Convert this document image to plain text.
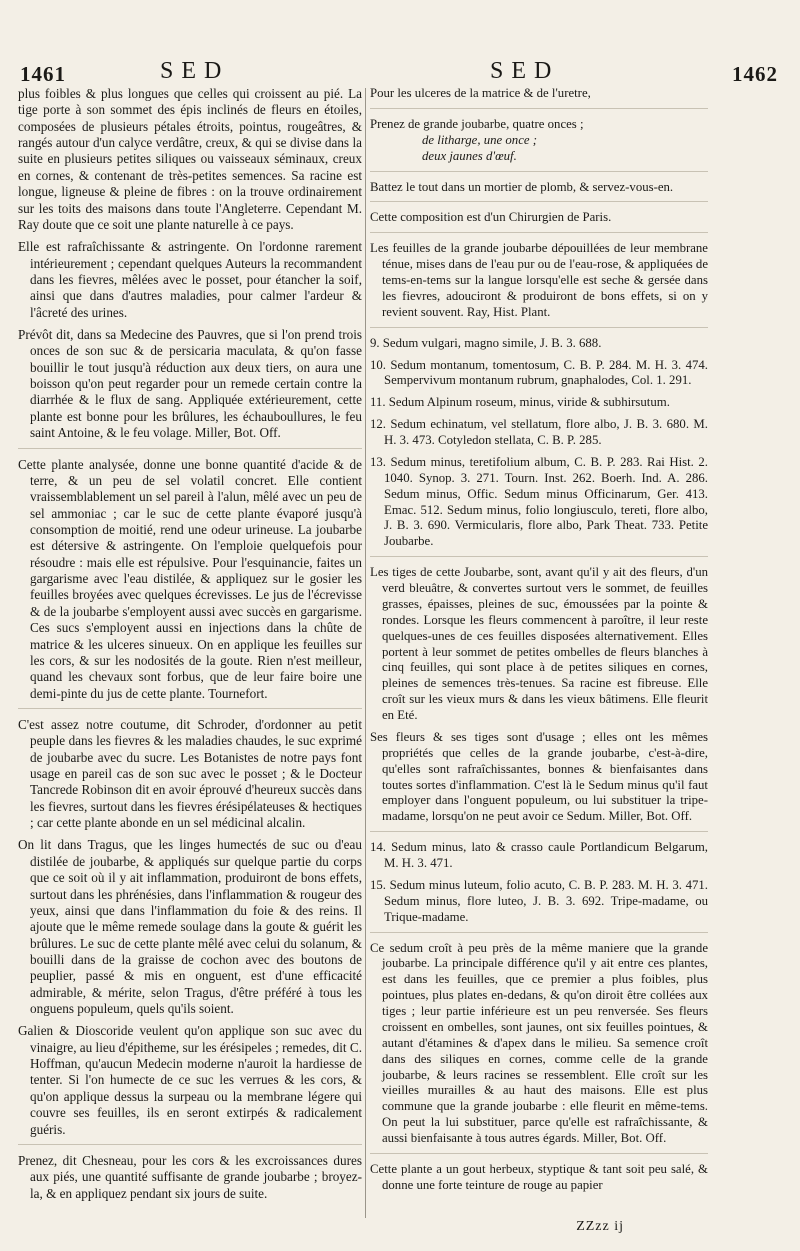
1461	SED	SED	1462

plus foibles & plus longues que celles qui croissent au pié. La tige porte à son sommet des épis inclinés de fleurs en étoiles, composées de plusieurs pétales étroits, pointus, rougeâtres, & rangés autour d'un calyce verdâtre, creux, & qui se divise dans la suite en plusieurs petites siliques ou vaisseaux séminaux, creux en cornes, & contenant de très-petites semences. Sa racine est longue, ligneuse & pleine de fibres : on la trouve ordinairement sur les toits des maisons dans toute l'Angleterre. Cependant M. Ray doute que ce soit une plante naturelle à ce pays.

Elle est rafraîchissante & astringente. On l'ordonne rarement intérieurement ; cependant quelques Auteurs la recommandent dans les fievres, mêlées avec le posset, pour étancher la soif, ainsi que dans d'autres maladies, pour calmer l'ardeur & l'âcreté des urines.

Prévôt dit, dans sa Medecine des Pauvres, que si l'on prend trois onces de son suc & de persicaria maculata, & qu'on fasse bouillir le tout jusqu'à réduction aux deux tiers, on aura une boisson qu'on peut regarder pour un remede certain contre la diarrhée & le flux de sang. Appliquée extérieurement, cette plante est bonne pour les brûlures, les échauboullures, le feu saint Antoine, & le feu volage. Miller, Bot. Off.

Cette plante analysée, donne une bonne quantité d'acide & de terre, & un peu de sel volatil concret. Elle contient vraissemblablement un sel pareil à l'alun, mêlé avec un peu de sel ammoniac ; car le suc de cette plante évaporé jusqu'à consomption de moitié, rend une odeur urineuse. La joubarbe est détersive & astringente. On l'emploie quelquefois pour résoudre : mais elle est répulsive. Pour l'esquinancie, faites un gargarisme avec l'eau distilée, & appliquez sur le gosier les feuilles broyées avec quelques écrevisses. Le jus de l'écrevisse & de la joubarbe s'employent aussi avec succès en gargarisme. Ces sucs s'employent aussi en injections dans la chûte de matrice & les ulceres sinueux. On en applique les feuilles sur les cors, & sur les nodosités de la goute. Rien n'est meilleur, quand les chevaux sont forbus, que de leur faire boire une demi-pinte du jus de cette plante. Tournefort.

C'est assez notre coutume, dit Schroder, d'ordonner au petit peuple dans les fievres & les maladies chaudes, le suc exprimé de joubarbe avec du sucre. Les Botanistes de notre pays font usage en pareil cas de son suc avec le posset ; & le Docteur Tancrede Robinson dit en avoir éprouvé d'heureux succès dans les fievres, surtout dans les fievres érésipélateuses & hectiques ; car cette plante abonde en un sel médicinal alcalin.

On lit dans Tragus, que les linges humectés de suc ou d'eau distilée de joubarbe, & appliqués sur quelque partie du corps que ce soit où il y ait inflammation, produiront de bons effets, surtout dans les phrénésies, dans l'inflammation & rougeur des yeux, ainsi que dans l'inflammation du foie & des reins. Il ajoute que le même remede soulage dans la goute & guérit les brûlures. Le suc de cette plante mêlé avec celui du solanum, & bouilli dans de la graisse de cochon avec des boutons de peuplier, passé & mis en onguent, est d'une efficacité admirable, & mérite, selon Tragus, d'être préféré à tous les onguens populeum, quels qu'ils soient.

Galien & Dioscoride veulent qu'on applique son suc avec du vinaigre, au lieu d'épitheme, sur les érésipeles ; remedes, dit C. Hoffman, qu'aucun Medecin moderne n'auroit la hardiesse de tenter. Si l'on humecte de ce suc les verrues & les cors, & qu'on applique dessus la surpeau ou la membrane légere qui couvre ses feuilles, ils en seront extirpés & radicalement guéris.

Prenez, dit Chesneau, pour les cors & les excroissances dures aux piés, une quantité suffisante de grande joubarbe ; broyez-la, & en appliquez pendant six jours de suite.

Pour les ulceres de la matrice & de l'uretre,

Prenez de grande joubarbe, quatre onces ;
de litharge, une once ;
deux jaunes d'œuf.

Battez le tout dans un mortier de plomb, & servez-vous-en.

Cette composition est d'un Chirurgien de Paris.

Les feuilles de la grande joubarbe dépouillées de leur membrane ténue, mises dans de l'eau pur ou de l'eau-rose, & appliquées de tems-en-tems sur la langue lorsqu'elle est seche & gersée dans les fievres, adouciront & produiront de bons effets, si on y revient souvent. Ray, Hist. Plant.

9. Sedum vulgari, magno simile, J. B. 3. 688.

10. Sedum montanum, tomentosum, C. B. P. 284. M. H. 3. 474. Sempervivum montanum rubrum, gnaphalodes, Col. 1. 291.

11. Sedum Alpinum roseum, minus, viride & subhirsutum.

12. Sedum echinatum, vel stellatum, flore albo, J. B. 3. 680. M. H. 3. 473. Cotyledon stellata, C. B. P. 285.

13. Sedum minus, teretifolium album, C. B. P. 283. Rai Hist. 2. 1040. Synop. 3. 271. Tourn. Inst. 262. Boerh. Ind. A. 286. Sedum minus, Offic. Sedum minus Officinarum, Ger. 413. Emac. 512. Sedum minus, folio longiusculo, tereti, flore albo, J. B. 3. 690. Vermicularis, flore albo, Park Theat. 733. Petite Joubarbe.

Les tiges de cette Joubarbe, sont, avant qu'il y ait des fleurs, d'un verd bleuâtre, & convertes surtout vers le sommet, de feuilles grasses, épaisses, pleines de suc, émoussées par la pointe & rondes. Lorsque les fleurs commencent à paroître, il leur reste quelques-unes de ces feuilles disposées alternativement. Elles portent à leur sommet de petites ombelles de fleurs blanches à cinq feuilles, qui sont place à de petites siliques en cornes, pleines de semences très-tenues. Sa racine est fibreuse. Elle croît sur les vieux murs & dans les vieux bâtimens. Elle fleurit en Eté.

Ses fleurs & ses tiges sont d'usage ; elles ont les mêmes propriétés que celles de la grande joubarbe, c'est-à-dire, qu'elles sont rafraîchissantes, bonnes & bienfaisantes dans toutes sortes d'inflammation. C'est là le Sedum minus qu'il faut employer dans l'onguent populeum, ou lui substituer la tripe-madame, lorsqu'on ne peut avoir ce Sedum. Miller, Bot. Off.

14. Sedum minus, lato & crasso caule Portlandicum Belgarum, M. H. 3. 471.

15. Sedum minus luteum, folio acuto, C. B. P. 283. M. H. 3. 471. Sedum minus, flore luteo, J. B. 3. 692. Tripe-madame, ou Trique-madame.

Ce sedum croît à peu près de la même maniere que la grande joubarbe. La principale différence qu'il y ait entre ces plantes, est dans les feuilles, que ce premier a plus foibles, plus pointues, plus plates en-dedans, & qu'on diroit être collées aux tiges ; leur partie inférieure est un peu renversée. Ses fleurs croissent en ombelles, sont jaunes, ont six feuilles pointues, & autant d'étamines & d'apex dans le milieu. Sa semence croît dans des siliques en cornes, comme celle de la grande joubarbe, & leurs racines se ressemblent. Elle croît sur les vieilles murailles & au haut des maisons. Elle est plus commune que la grande joubarbe : elle fleurit en même-tems. On peut la lui substituer, parce qu'elle est rafraîchissante, & aussi bienfaisante à tous autres égards. Miller, Bot. Off.

Cette plante a un gout herbeux, styptique & tant soit peu salé, & donne une forte teinture de rouge au papier

ZZzz ij
